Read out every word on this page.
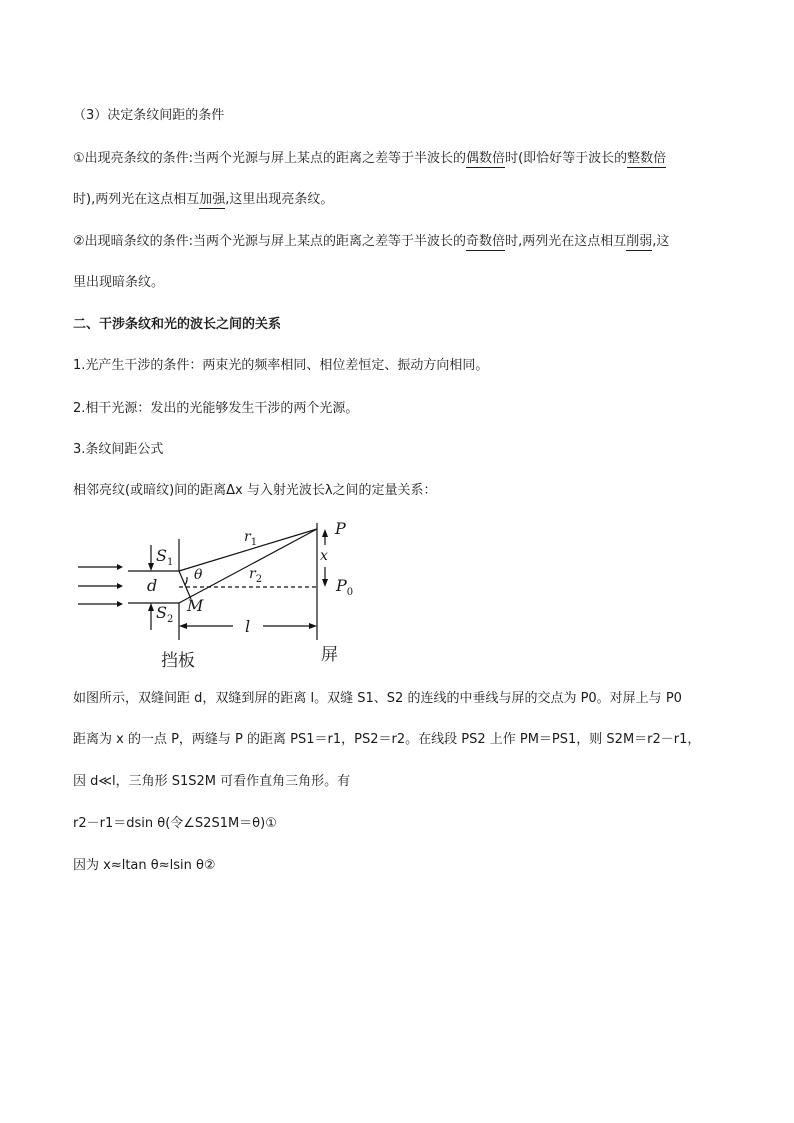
（3）决定条纹间距的条件
①出现亮条纹的条件:当两个光源与屏上某点的距离之差等于半波长的偶数倍时(即恰好等于波长的整数倍
时),两列光在这点相互加强,这里出现亮条纹。
②出现暗条纹的条件:当两个光源与屏上某点的距离之差等于半波长的奇数倍时,两列光在这点相互削弱,这
里出现暗条纹。
二、干涉条纹和光的波长之间的关系
1.光产生干涉的条件：两束光的频率相同、相位差恒定、振动方向相同。
2.相干光源：发出的光能够发生干涉的两个光源。
3.条纹间距公式
相邻亮纹(或暗纹)间的距离Δx 与入射光波长λ之间的定量关系：
$S_1$
d
$S_2$
θ
M
$r_1$
$r_2$
P
x
$P_0$
l
挡板	屏
如图所示，双缝间距 d，双缝到屏的距离 l。双缝 S1、S2 的连线的中垂线与屏的交点为 P0。对屏上与 P0
距离为 x 的一点 P，两缝与 P 的距离 PS1＝r1，PS2＝r2。在线段 PS2 上作 PM＝PS1，则 S2M＝r2－r1，
因 d≪l，三角形 S1S2M 可看作直角三角形。有
r2－r1＝dsin θ(令∠S2S1M＝θ)①
因为 x≈ltan θ≈lsin θ②
